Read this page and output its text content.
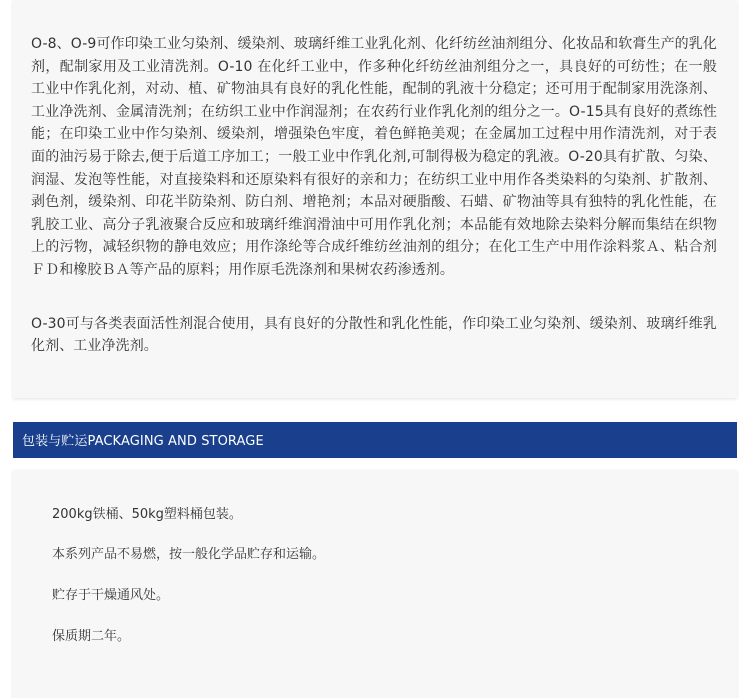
O-8、O-9可作印染工业匀染剂、缓染剂、玻璃纤维工业乳化剂、化纤纺丝油剂组分、化妆品和软膏生产的乳化剂，配制家用及工业清洗剂。O-10 在化纤工业中，作多种化纤纺丝油剂组分之一，具良好的可纺性；在一般工业中作乳化剂，对动、植、矿物油具有良好的乳化性能，配制的乳液十分稳定；还可用于配制家用洗涤剂、工业净洗剂、金属清洗剂；在纺织工业中作润湿剂；在农药行业作乳化剂的组分之一。O-15具有良好的煮练性能；在印染工业中作匀染剂、缓染剂，增强染色牢度，着色鲜艳美观；在金属加工过程中用作清洗剂，对于表面的油污易于除去,便于后道工序加工；一般工业中作乳化剂,可制得极为稳定的乳液。O-20具有扩散、匀染、润湿、发泡等性能，对直接染料和还原染料有很好的亲和力；在纺织工业中用作各类染料的匀染剂、扩散剂、剥色剂，缓染剂、印花半防染剂、防白剂、增艳剂；本品对硬脂酸、石蜡、矿物油等具有独特的乳化性能，在乳胶工业、高分子乳液聚合反应和玻璃纤维润滑油中可用作乳化剂；本品能有效地除去染料分解而集结在织物上的污物，减轻织物的静电效应；用作涤纶等合成纤维纺丝油剂的组分；在化工生产中用作涂料浆Ａ、粘合剂ＦＤ和橡胶ＢＡ等产品的原料；用作原毛洗涤剂和果树农药渗透剂。

O-30可与各类表面活性剂混合使用，具有良好的分散性和乳化性能，作印染工业匀染剂、缓染剂、玻璃纤维乳化剂、工业净洗剂。

包装与贮运PACKAGING AND STORAGE

200kg铁桶、50kg塑料桶包装。

本系列产品不易燃，按一般化学品贮存和运输。

贮存于干燥通风处。

保质期二年。
